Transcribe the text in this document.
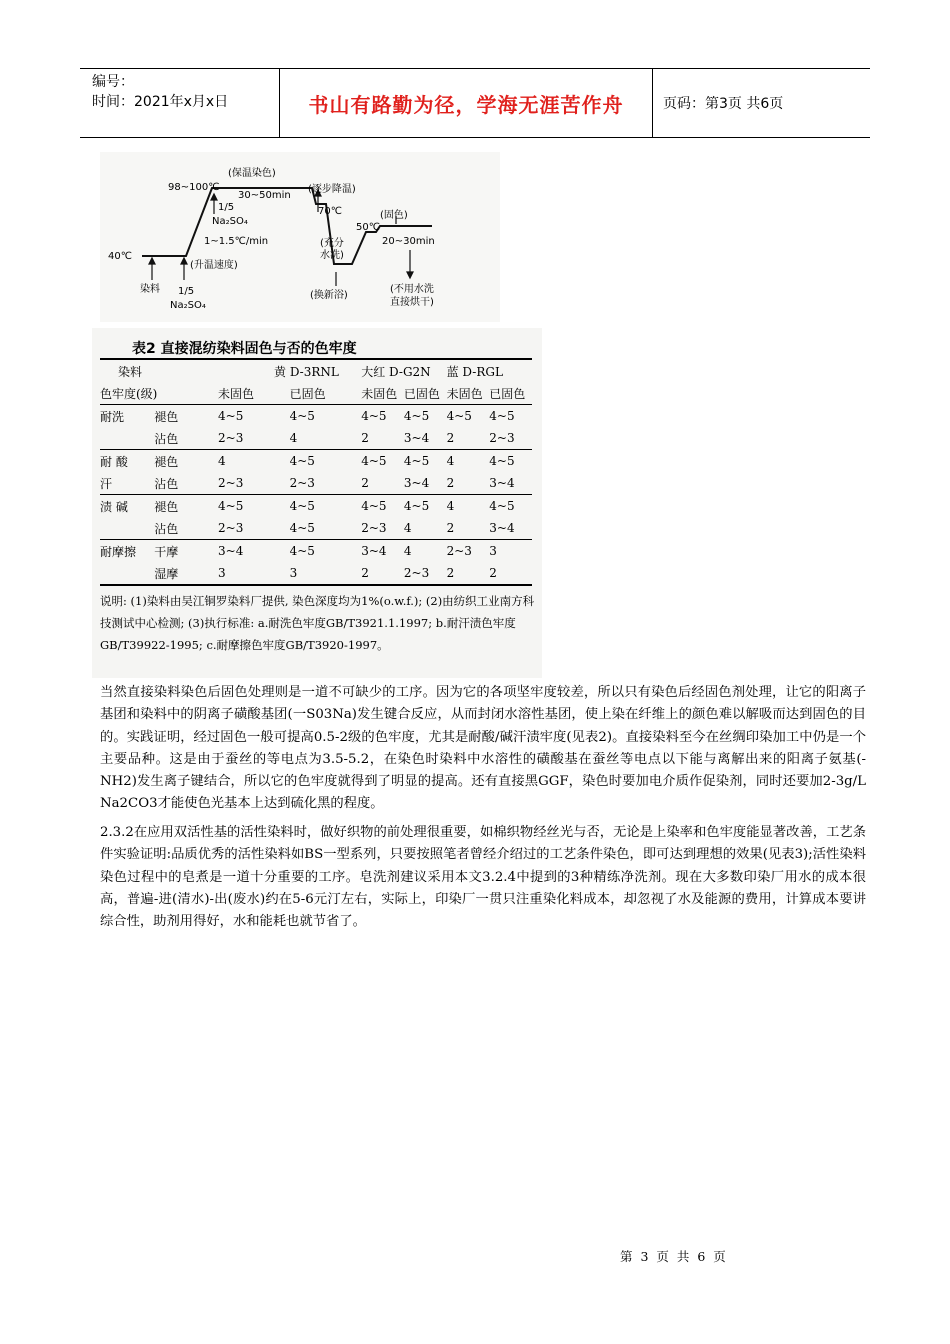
编号：
时间：2021年x月x日	书山有路勤为径，学海无涯苦作舟	页码：第3页 共6页
(保温染色)
98~100℃
30~50min
(逐步降温)
70℃
1/5
Na₂SO₄
1~1.5℃/min
40℃
染料
(升温速度)
1/5
Na₂SO₄
(充分
水洗)
(换新浴)
50℃
(固色)
20~30min
(不用水洗
直接烘干)
表2 直接混纺染料固色与否的色牢度
染料		黄 D-3RNL		大红 D-G2N		蓝 D-RGL	
色牢度(级)		未固色	已固色	未固色	已固色	未固色	已固色
耐洗	褪色	4~5	4~5	4~5	4~5	4~5	4~5
	沾色	2~3	4	2	3~4	2	2~3
耐 酸	褪色	4	4~5	4~5	4~5	4	4~5
汗	沾色	2~3	2~3	2	3~4	2	3~4
渍 碱	褪色	4~5	4~5	4~5	4~5	4	4~5
	沾色	2~3	4~5	2~3	4	2	3~4
耐摩擦	干摩	3~4	4~5	3~4	4	2~3	3
	湿摩	3	3	2	2~3	2	2
说明: (1)染料由吴江铜罗染料厂提供, 染色深度均为1%(o.w.f.); (2)由纺织工业南方科技测试中心检测; (3)执行标准: a.耐洗色牢度GB/T3921.1.1997; b.耐汗渍色牢度GB/T39922-1995; c.耐摩擦色牢度GB/T3920-1997。
当然直接染料染色后固色处理则是一道不可缺少的工序。因为它的各项坚牢度较差，所以只有染色后经固色剂处理，让它的阳离子基团和染料中的阴离子磺酸基团(一S03Na)发生键合反应，从而封闭水溶性基团，使上染在纤维上的颜色难以解吸而达到固色的目的。实践证明，经过固色一般可提高0.5-2级的色牢度，尤其是耐酸/碱汗渍牢度(见表2)。直接染料至今在丝绸印染加工中仍是一个主要品种。这是由于蚕丝的等电点为3.5-5.2，在染色时染料中水溶性的磺酸基在蚕丝等电点以下能与离解出来的阳离子氨基(-NH2)发生离子键结合，所以它的色牢度就得到了明显的提高。还有直接黑GGF，染色时要加电介质作促染剂，同时还要加2-3g/L Na2CO3才能使色光基本上达到硫化黑的程度。
2.3.2在应用双活性基的活性染料时，做好织物的前处理很重要，如棉织物经丝光与否，无论是上染率和色牢度能显著改善，工艺条件实验证明:品质优秀的活性染料如BS一型系列，只要按照笔者曾经介绍过的工艺条件染色，即可达到理想的效果(见表3);活性染料染色过程中的皂煮是一道十分重要的工序。皂洗剂建议采用本文3.2.4中提到的3种精练净洗剂。现在大多数印染厂用水的成本很高，普遍-进(清水)-出(废水)约在5-6元汀左右，实际上，印染厂一贯只注重染化料成本，却忽视了水及能源的费用，计算成本要讲综合性，助剂用得好，水和能耗也就节省了。
第 3 页 共 6 页
